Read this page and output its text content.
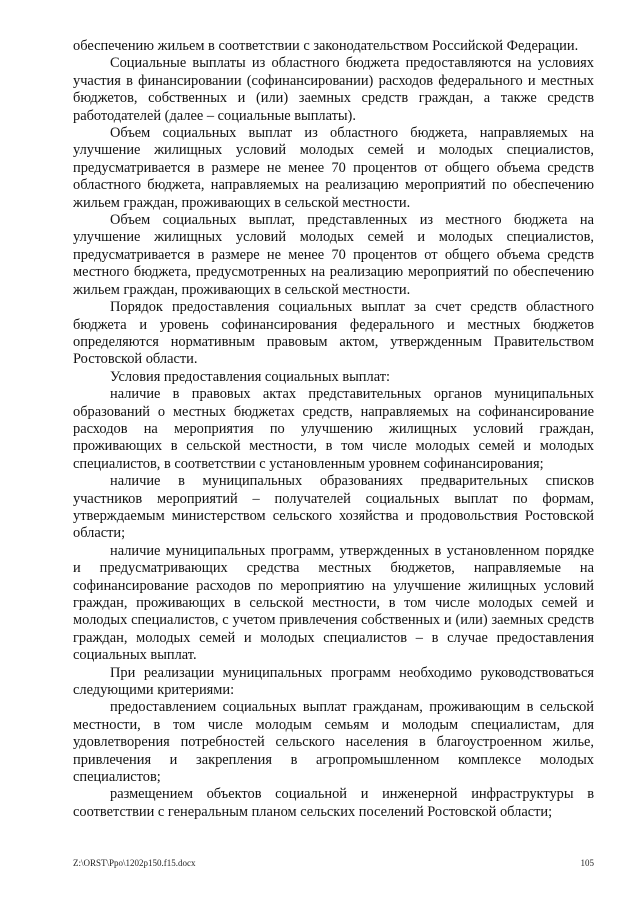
обеспечению жильем в соответствии с законодательством Российской Федерации.

Социальные выплаты из областного бюджета предоставляются на условиях участия в финансировании (софинансировании) расходов федерального и местных бюджетов, собственных и (или) заемных средств граждан, а также средств работодателей (далее – социальные выплаты).

Объем социальных выплат из областного бюджета, направляемых на улучшение жилищных условий молодых семей и молодых специалистов, предусматривается в размере не менее 70 процентов от общего объема средств областного бюджета, направляемых на реализацию мероприятий по обеспечению жильем граждан, проживающих в сельской местности.

Объем социальных выплат, представленных из местного бюджета на улучшение жилищных условий молодых семей и молодых специалистов, предусматривается в размере не менее 70 процентов от общего объема средств местного бюджета, предусмотренных на реализацию мероприятий по обеспечению жильем граждан, проживающих в сельской местности.

Порядок предоставления социальных выплат за счет средств областного бюджета и уровень софинансирования федерального и местных бюджетов определяются нормативным правовым актом, утвержденным Правительством Ростовской области.

Условия предоставления социальных выплат:

наличие в правовых актах представительных органов муниципальных образований о местных бюджетах средств, направляемых на софинансирование расходов на мероприятия по улучшению жилищных условий граждан, проживающих в сельской местности, в том числе молодых семей и молодых специалистов, в соответствии с установленным уровнем софинансирования;

наличие в муниципальных образованиях предварительных списков участников мероприятий – получателей социальных выплат по формам, утверждаемым министерством сельского хозяйства и продовольствия Ростовской области;

наличие муниципальных программ, утвержденных в установленном порядке и предусматривающих средства местных бюджетов, направляемые на софинансирование расходов по мероприятию на улучшение жилищных условий граждан, проживающих в сельской местности, в том числе молодых семей и молодых специалистов, с учетом привлечения собственных и (или) заемных средств граждан, молодых семей и молодых специалистов – в случае предоставления социальных выплат.

При реализации муниципальных программ необходимо руководствоваться следующими критериями:

предоставлением социальных выплат гражданам, проживающим в сельской местности, в том числе молодым семьям и молодым специалистам, для удовлетворения потребностей сельского населения в благоустроенном жилье, привлечения и закрепления в агропромышленном комплексе молодых специалистов;

размещением объектов социальной и инженерной инфраструктуры в соответствии с генеральным планом сельских поселений Ростовской области;

Z:\ORST\Ppo\1202p150.f15.docx	105
